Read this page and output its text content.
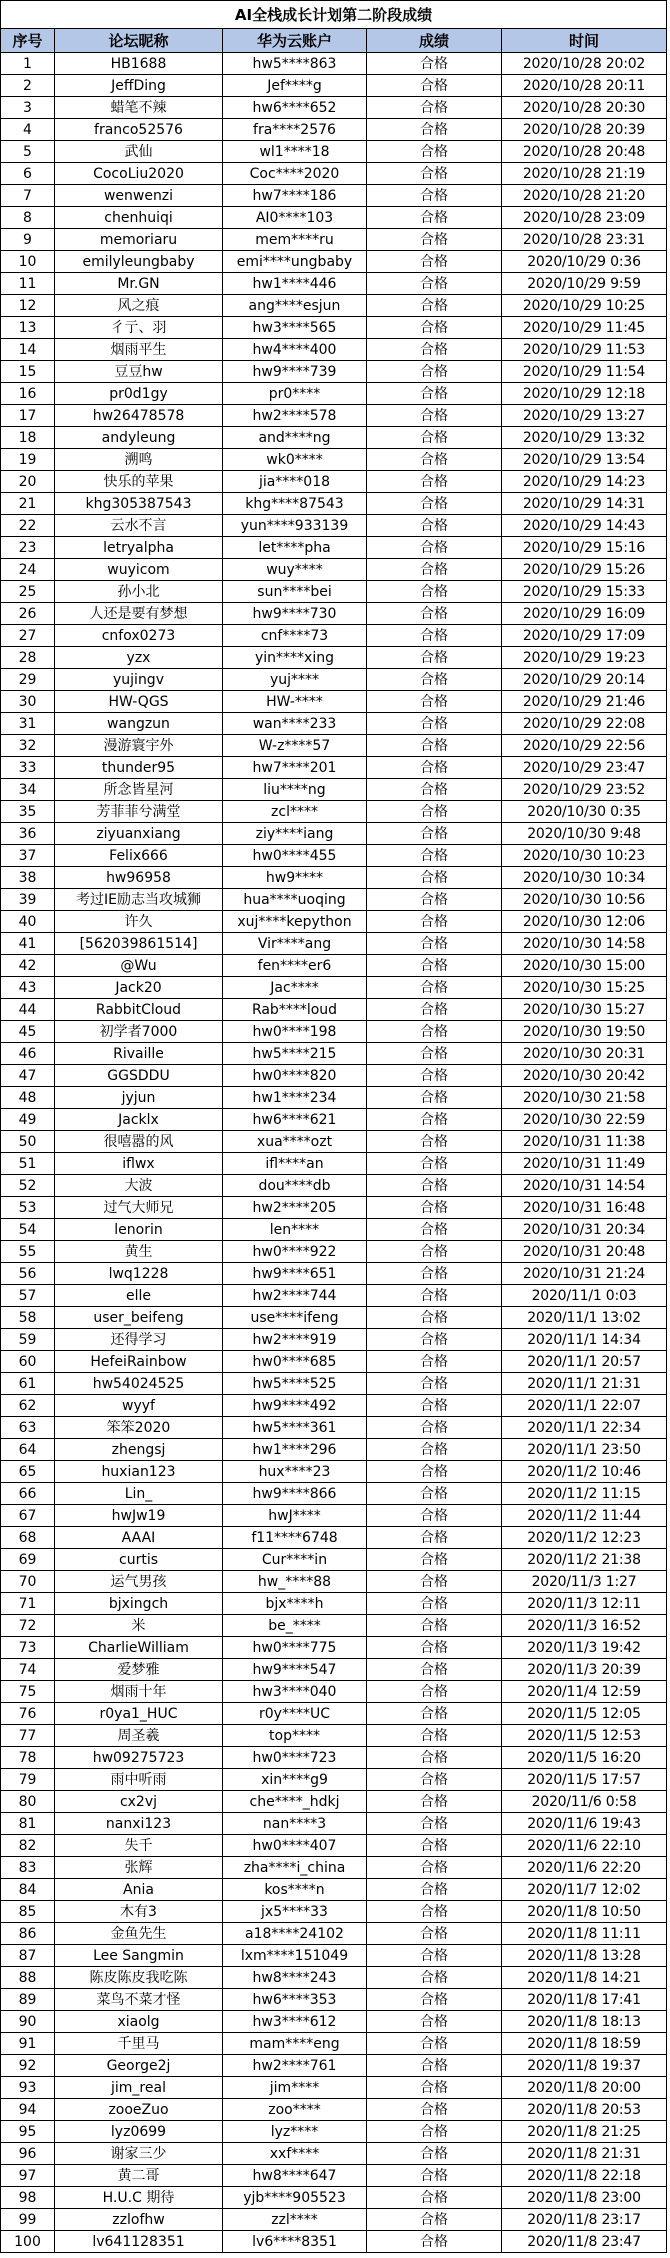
AI全栈成长计划第二阶段成绩				
序号	论坛昵称	华为云账户	成绩	时间
1	HB1688	hw5****863	合格	2020/10/28 20:02
2	JeffDing	Jef****g	合格	2020/10/28 20:11
3	蜡笔不辣	hw6****652	合格	2020/10/28 20:30
4	franco52576	fra****2576	合格	2020/10/28 20:39
5	武仙	wl1****18	合格	2020/10/28 20:48
6	CocoLiu2020	Coc****2020	合格	2020/10/28 21:19
7	wenwenzi	hw7****186	合格	2020/10/28 21:20
8	chenhuiqi	AI0****103	合格	2020/10/28 23:09
9	memoriaru	mem****ru	合格	2020/10/28 23:31
10	emilyleungbaby	emi****ungbaby	合格	2020/10/29 0:36
11	Mr.GN	hw1****446	合格	2020/10/29 9:59
12	风之痕	ang****esjun	合格	2020/10/29 10:25
13	彳亍、羽	hw3****565	合格	2020/10/29 11:45
14	烟雨平生	hw4****400	合格	2020/10/29 11:53
15	豆豆hw	hw9****739	合格	2020/10/29 11:54
16	pr0d1gy	pr0****	合格	2020/10/29 12:18
17	hw26478578	hw2****578	合格	2020/10/29 13:27
18	andyleung	and****ng	合格	2020/10/29 13:32
19	溯鸣	wk0****	合格	2020/10/29 13:54
20	快乐的苹果	jia****018	合格	2020/10/29 14:23
21	khg305387543	khg****87543	合格	2020/10/29 14:31
22	云水不言	yun****933139	合格	2020/10/29 14:43
23	letryalpha	let****pha	合格	2020/10/29 15:16
24	wuyicom	wuy****	合格	2020/10/29 15:26
25	孙小北	sun****bei	合格	2020/10/29 15:33
26	人还是要有梦想	hw9****730	合格	2020/10/29 16:09
27	cnfox0273	cnf****73	合格	2020/10/29 17:09
28	yzx	yin****xing	合格	2020/10/29 19:23
29	yujingv	yuj****	合格	2020/10/29 20:14
30	HW-QGS	HW-****	合格	2020/10/29 21:46
31	wangzun	wan****233	合格	2020/10/29 22:08
32	漫游寰宇外	W-z****57	合格	2020/10/29 22:56
33	thunder95	hw7****201	合格	2020/10/29 23:47
34	所念皆星河	liu****ng	合格	2020/10/29 23:52
35	芳菲菲兮满堂	zcl****	合格	2020/10/30 0:35
36	ziyuanxiang	ziy****iang	合格	2020/10/30 9:48
37	Felix666	hw0****455	合格	2020/10/30 10:23
38	hw96958	hw9****	合格	2020/10/30 10:34
39	考过IE励志当攻城狮	hua****uoqing	合格	2020/10/30 10:56
40	许久	xuj****kepython	合格	2020/10/30 12:06
41	[562039861514]	Vir****ang	合格	2020/10/30 14:58
42	@Wu	fen****er6	合格	2020/10/30 15:00
43	Jack20	Jac****	合格	2020/10/30 15:25
44	RabbitCloud	Rab****loud	合格	2020/10/30 15:27
45	初学者7000	hw0****198	合格	2020/10/30 19:50
46	Rivaille	hw5****215	合格	2020/10/30 20:31
47	GGSDDU	hw0****820	合格	2020/10/30 20:42
48	jyjun	hw1****234	合格	2020/10/30 21:58
49	Jacklx	hw6****621	合格	2020/10/30 22:59
50	很嘻嚣的风	xua****ozt	合格	2020/10/31 11:38
51	iflwx	ifl****an	合格	2020/10/31 11:49
52	大波	dou****db	合格	2020/10/31 14:54
53	过气大师兄	hw2****205	合格	2020/10/31 16:48
54	lenorin	len****	合格	2020/10/31 20:34
55	黄生	hw0****922	合格	2020/10/31 20:48
56	lwq1228	hw9****651	合格	2020/10/31 21:24
57	elle	hw2****744	合格	2020/11/1 0:03
58	user_beifeng	use****ifeng	合格	2020/11/1 13:02
59	还得学习	hw2****919	合格	2020/11/1 14:34
60	HefeiRainbow	hw0****685	合格	2020/11/1 20:57
61	hw54024525	hw5****525	合格	2020/11/1 21:31
62	wyyf	hw9****492	合格	2020/11/1 22:07
63	笨笨2020	hw5****361	合格	2020/11/1 22:34
64	zhengsj	hw1****296	合格	2020/11/1 23:50
65	huxian123	hux****23	合格	2020/11/2 10:46
66	Lin_	hw9****866	合格	2020/11/2 11:15
67	hwJw19	hwJ****	合格	2020/11/2 11:44
68	AAAI	f11****6748	合格	2020/11/2 12:23
69	curtis	Cur****in	合格	2020/11/2 21:38
70	运气男孩	hw_****88	合格	2020/11/3 1:27
71	bjxingch	bjx****h	合格	2020/11/3 12:11
72	米	be_****	合格	2020/11/3 16:52
73	CharlieWilliam	hw0****775	合格	2020/11/3 19:42
74	爱梦雅	hw9****547	合格	2020/11/3 20:39
75	烟雨十年	hw3****040	合格	2020/11/4 12:59
76	r0ya1_HUC	r0y****UC	合格	2020/11/5 12:05
77	周圣羲	top****	合格	2020/11/5 12:53
78	hw09275723	hw0****723	合格	2020/11/5 16:20
79	雨中听雨	xin****g9	合格	2020/11/5 17:57
80	cx2vj	che****_hdkj	合格	2020/11/6 0:58
81	nanxi123	nan****3	合格	2020/11/6 19:43
82	失千	hw0****407	合格	2020/11/6 22:10
83	张辉	zha****i_china	合格	2020/11/6 22:20
84	Ania	kos****n	合格	2020/11/7 12:02
85	木有3	jx5****33	合格	2020/11/8 10:50
86	金鱼先生	a18****24102	合格	2020/11/8 11:11
87	Lee Sangmin	lxm****151049	合格	2020/11/8 13:28
88	陈皮陈皮我吃陈	hw8****243	合格	2020/11/8 14:21
89	菜鸟不菜才怪	hw6****353	合格	2020/11/8 17:41
90	xiaolg	hw3****612	合格	2020/11/8 18:13
91	千里马	mam****eng	合格	2020/11/8 18:59
92	George2j	hw2****761	合格	2020/11/8 19:37
93	jim_real	jim****	合格	2020/11/8 20:00
94	zooeZuo	zoo****	合格	2020/11/8 20:53
95	lyz0699	lyz****	合格	2020/11/8 21:25
96	谢家三少	xxf****	合格	2020/11/8 21:31
97	黄二哥	hw8****647	合格	2020/11/8 22:18
98	H.U.C 期待	yjb****905523	合格	2020/11/8 23:00
99	zzlofhw	zzl****	合格	2020/11/8 23:17
100	lv641128351	lv6****8351	合格	2020/11/8 23:47
